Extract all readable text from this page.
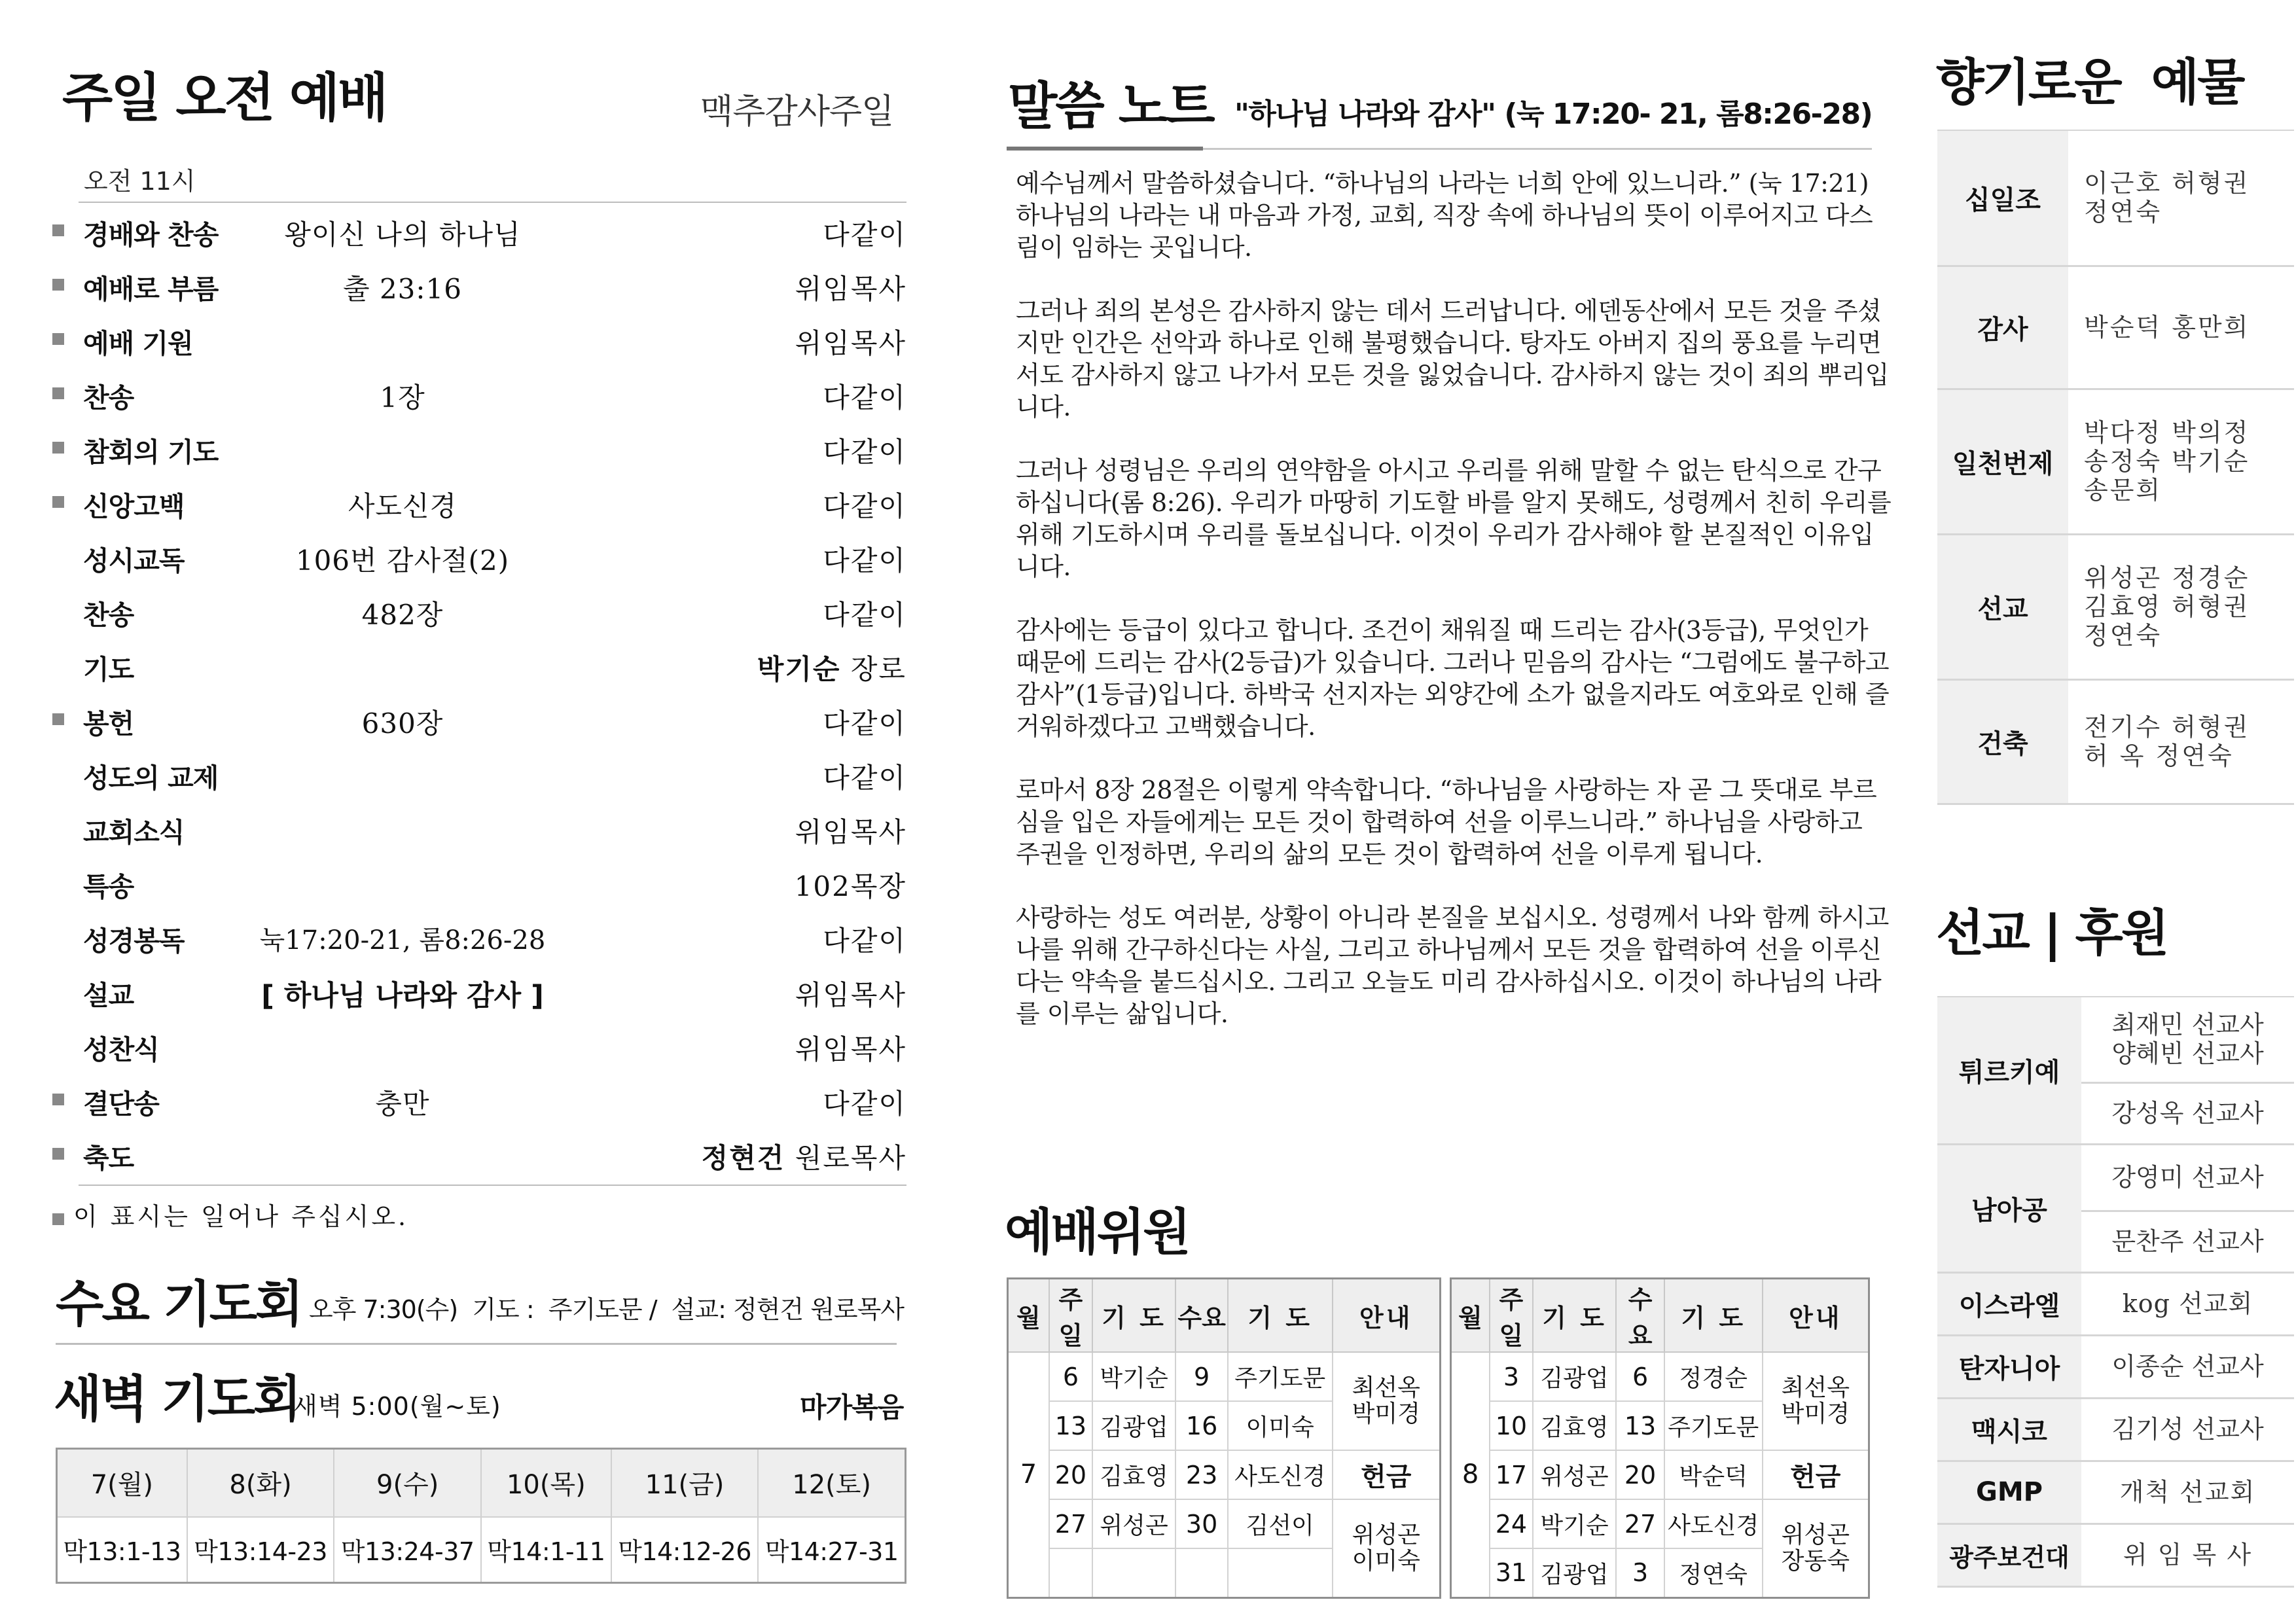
주일 오전 예배	맥추감사주일
오전 11시
경배와 찬송	왕이신 나의 하나님	다같이
예배로 부름	출 23:16	위임목사
예배 기원	위임목사
찬송	1장	다같이
참회의 기도	다같이
신앙고백	사도신경	다같이
성시교독	106번 감사절(2)	다같이
찬송	482장	다같이
기도	박기순 장로
봉헌	630장	다같이
성도의 교제	다같이
교회소식	위임목사
특송	102목장
성경봉독	눅17:20-21, 롬8:26-28	다같이
설교	[ 하나님 나라와 감사 ]	위임목사
성찬식	위임목사
결단송	충만	다같이
축도	정현건 원로목사
이 표시는 일어나 주십시오.
수요 기도회 오후 7:30(수)  기도 :  주기도문 /  설교: 정현건 원로목사
새벽 기도회
새벽 5:00(월~토)	마가복음
7(월)	8(화)	9(수)	10(목)	11(금)	12(토)
막13:1-13	막13:14-23	막13:24-37	막14:1-11	막14:12-26	막14:27-31
말씀 노트 "하나님 나라와 감사" (눅 17:20- 21, 롬8:26-28)

예수님께서 말씀하셨습니다. “하나님의 나라는 너희 안에 있느니라.” (눅 17:21) 하나님의 나라는 내 마음과 가정, 교회, 직장 속에 하나님의 뜻이 이루어지고 다스림이 임하는 곳입니다.

그러나 죄의 본성은 감사하지 않는 데서 드러납니다. 에덴동산에서 모든 것을 주셨지만 인간은 선악과 하나로 인해 불평했습니다. 탕자도 아버지 집의 풍요를 누리면서도 감사하지 않고 나가서 모든 것을 잃었습니다. 감사하지 않는 것이 죄의 뿌리입니다.

그러나 성령님은 우리의 연약함을 아시고 우리를 위해 말할 수 없는 탄식으로 간구하십니다(롬 8:26). 우리가 마땅히 기도할 바를 알지 못해도, 성령께서 친히 우리를 위해 기도하시며 우리를 돌보십니다. 이것이 우리가 감사해야 할 본질적인 이유입니다.

감사에는 등급이 있다고 합니다. 조건이 채워질 때 드리는 감사(3등급), 무엇인가 때문에 드리는 감사(2등급)가 있습니다. 그러나 믿음의 감사는 “그럼에도 불구하고 감사”(1등급)입니다. 하박국 선지자는 외양간에 소가 없을지라도 여호와로 인해 즐거워하겠다고 고백했습니다.

로마서 8장 28절은 이렇게 약속합니다. “하나님을 사랑하는 자 곧 그 뜻대로 부르심을 입은 자들에게는 모든 것이 합력하여 선을 이루느니라.” 하나님을 사랑하고 주권을 인정하면, 우리의 삶의 모든 것이 합력하여 선을 이루게 됩니다.

사랑하는 성도 여러분, 상황이 아니라 본질을 보십시오. 성령께서 나와 함께 하시고 나를 위해 간구하신다는 사실, 그리고 하나님께서 모든 것을 합력하여 선을 이루신다는 약속을 붙드십시오. 그리고 오늘도 미리 감사하십시오. 이것이 하나님의 나라를 이루는 삶입니다.

예배위원
월	주일	기 도	수요	기 도	안내
7	6	박기순	9	주기도문	최선옥
박미경
	13	김광업	16	이미숙	
	20	김효영	23	사도신경	헌금
	27	위성곤	30	김선이	위성곤
이미숙

월	주일	기 도	수요	기 도	안내
8	3	김광업	6	정경순	최선옥
박미경
	10	김효영	13	주기도문	
	17	위성곤	20	박순덕	헌금
	24	박기순	27	사도신경	위성곤
장동숙
	31	김광업	3	정연숙	
향기로운  예물
십일조	이근호 허형권
정연숙
감사	박순덕 홍만희
일천번제	박다정 박의정
송정숙 박기순
송문희
선교	위성곤 정경순
김효영 허형권
정연숙
건축	전기수 허형권
허 옥 정연숙
선교 | 후원
튀르키예	최재민 선교사
양혜빈 선교사
	강성옥 선교사
남아공	강영미 선교사
	문찬주 선교사
이스라엘	kog 선교회
탄자니아	이종순 선교사
맥시코	김기성 선교사
GMP	개척 선교회
광주보건대	위 임 목 사
